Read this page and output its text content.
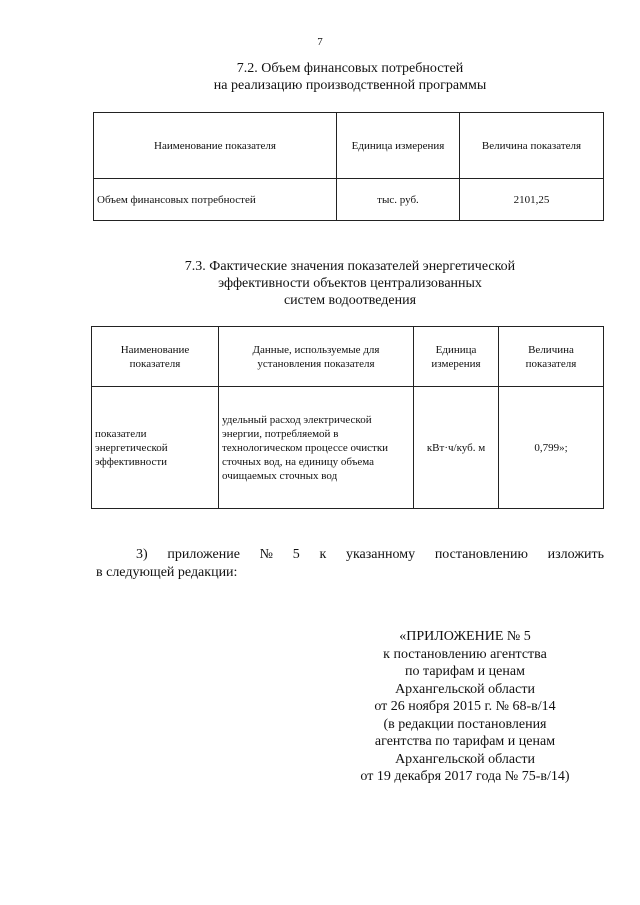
7
7.2. Объем финансовых потребностей
на реализацию производственной программы
Наименование показателя	Единица измерения	Величина показателя
Объем финансовых потребностей	тыс. руб.	2101,25
7.3. Фактические значения показателей энергетической
эффективности объектов централизованных
систем водоотведения
Наименование показателя	Данные, используемые для установления показателя	Единица измерения	Величина показателя
показатели энергетической эффективности	удельный расход электрической энергии, потребляемой в технологическом процессе очистки сточных вод, на единицу объема очищаемых сточных вод	кВт·ч/куб. м	0,799»;
3) приложение № 5 к указанному постановлению изложить
в следующей редакции:
«ПРИЛОЖЕНИЕ № 5
к постановлению агентства
по тарифам и ценам
Архангельской области
от 26 ноября 2015 г. № 68-в/14
(в редакции постановления
агентства по тарифам и ценам
Архангельской области
от 19 декабря 2017 года № 75-в/14)
